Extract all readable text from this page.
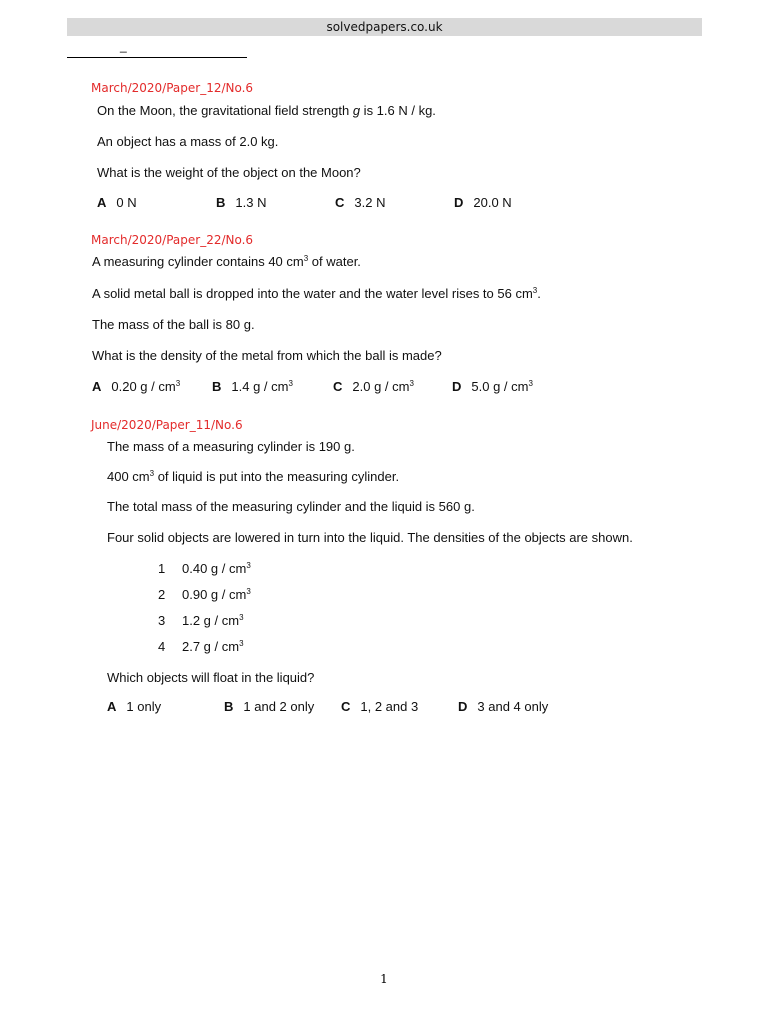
solvedpapers.co.uk
_
March/2020/Paper_12/No.6
On the Moon, the gravitational field strength g is 1.6 N / kg.
An object has a mass of 2.0 kg.
What is the weight of the object on the Moon?
A 0 N	B 1.3 N	C 3.2 N	D 20.0 N
March/2020/Paper_22/No.6
A measuring cylinder contains 40 $cm^3$ of water.
A solid metal ball is dropped into the water and the water level rises to 56 $cm^3$.
The mass of the ball is 80 g.
What is the density of the metal from which the ball is made?
A 0.20 g / $cm^3$ B 1.4 g / $cm^3$	C 2.0 g / $cm^3$	D 5.0 g / $cm^3$
June/2020/Paper_11/No.6
The mass of a measuring cylinder is 190 g.
400 $cm^3$ of liquid is put into the measuring cylinder.
The total mass of the measuring cylinder and the liquid is 560 g.
Four solid objects are lowered in turn into the liquid. The densities of the objects are shown.
1 0.40 g / $cm^3$
2 0.90 g / $cm^3$
3 1.2 g / $cm^3$
4 2.7 g / $cm^3$
Which objects will float in the liquid?
A 1 only	B 1 and 2 only C 1, 2 and 3	D 3 and 4 only
1
